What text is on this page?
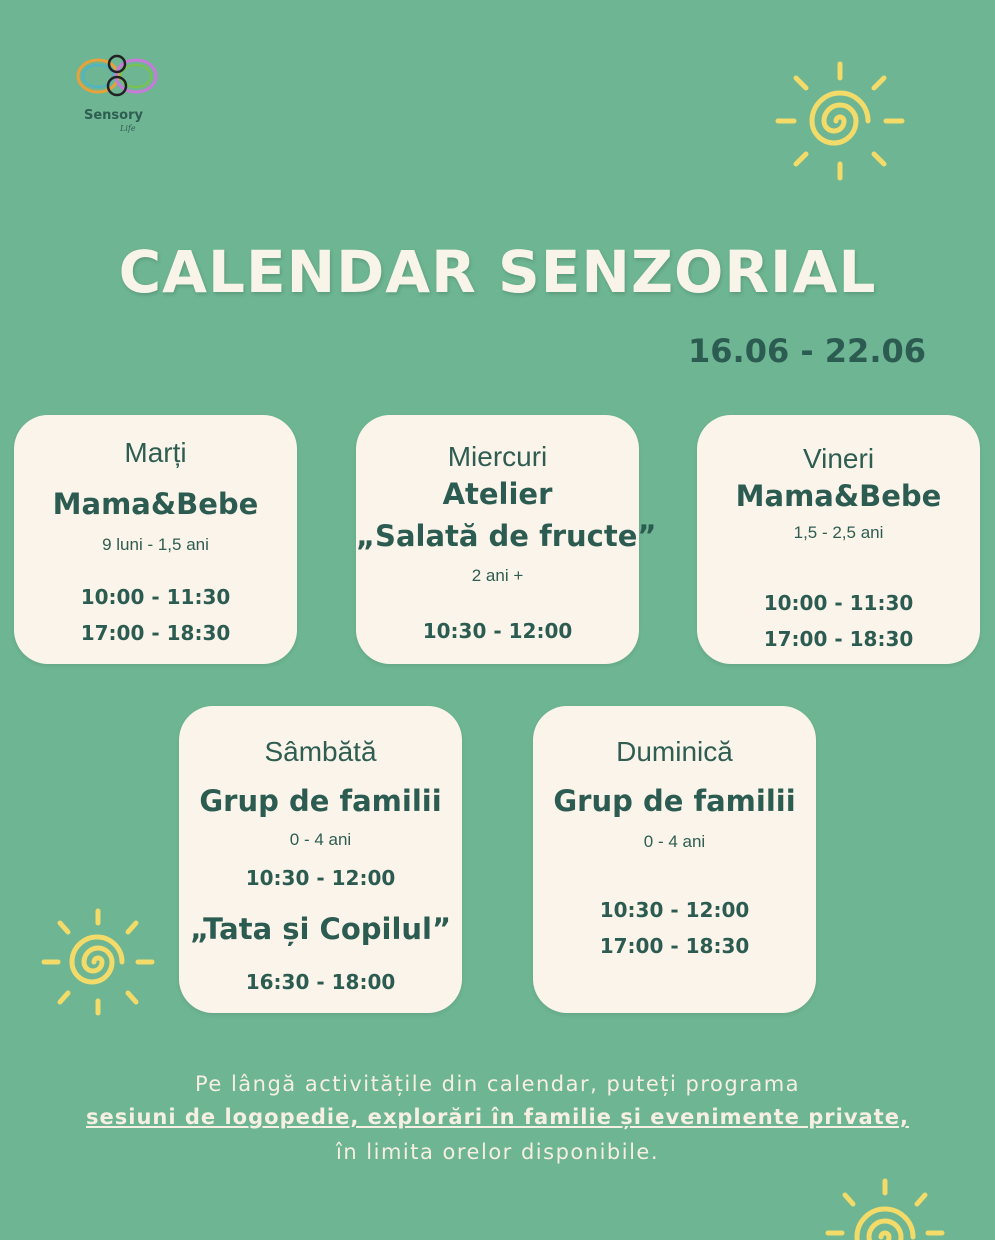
Sensory
Life
CALENDAR SENZORIAL
16.06 - 22.06
Marți
Mama&Bebe
9 luni - 1,5 ani
10:00 - 11:30
17:00 - 18:30
Miercuri
Atelier
„Salată de fructe”
2 ani +
10:30 - 12:00
Vineri
Mama&Bebe
1,5 - 2,5 ani
10:00 - 11:30
17:00 - 18:30
Sâmbătă
Grup de familii
0 - 4 ani
10:30 - 12:00
„Tata și Copilul”
16:30 - 18:00
Duminică
Grup de familii
0 - 4 ani
10:30 - 12:00
17:00 - 18:30
Pe lângă activitățile din calendar, puteți programa
sesiuni de logopedie, explorări în familie și evenimente private,
în limita orelor disponibile.
